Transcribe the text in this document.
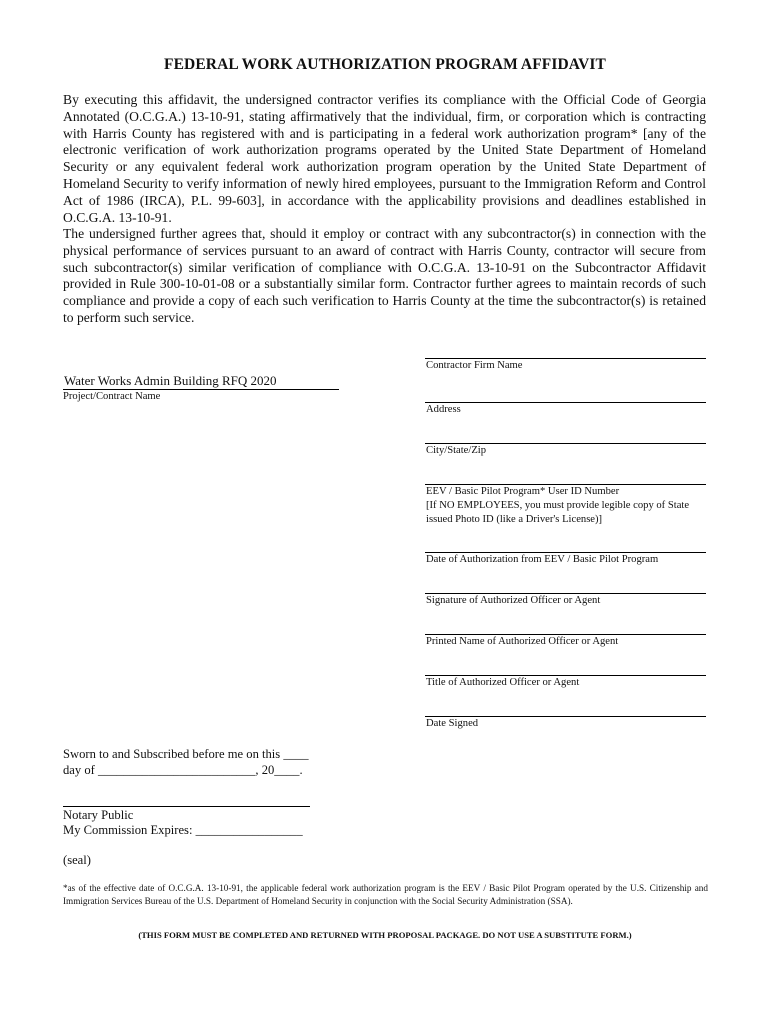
FEDERAL WORK AUTHORIZATION PROGRAM AFFIDAVIT

By executing this affidavit, the undersigned contractor verifies its compliance with the Official Code of Georgia Annotated (O.C.G.A.) 13-10-91, stating affirmatively that the individual, firm, or corporation which is contracting with Harris County has registered with and is participating in a federal work authorization program* [any of the electronic verification of work authorization programs operated by the United State Department of Homeland Security or any equivalent federal work authorization program operation by the United State Department of Homeland Security to verify information of newly hired employees, pursuant to the Immigration Reform and Control Act of 1986 (IRCA), P.L. 99-603], in accordance with the applicability provisions and deadlines established in O.C.G.A. 13-10-91.

The undersigned further agrees that, should it employ or contract with any subcontractor(s) in connection with the physical performance of services pursuant to an award of contract with Harris County, contractor will secure from such subcontractor(s) similar verification of compliance with O.C.G.A. 13-10-91 on the Subcontractor Affidavit provided in Rule 300-10-01-08 or a substantially similar form. Contractor further agrees to maintain records of such compliance and provide a copy of each such verification to Harris County at the time the subcontractor(s) is retained to perform such service.

Water Works Admin Building RFQ 2020
Project/Contract Name
Contractor Firm Name
Address
City/State/Zip
EEV / Basic Pilot Program* User ID Number
[If NO EMPLOYEES, you must provide legible copy of State
issued Photo ID (like a Driver's License)]
Date of Authorization from EEV / Basic Pilot Program
Signature of Authorized Officer or Agent
Printed Name of Authorized Officer or Agent
Title of Authorized Officer or Agent
Date Signed
Sworn to and Subscribed before me on this ____
day of _________________________, 20____.
Notary Public
My Commission Expires: _________________
(seal)
*as of the effective date of O.C.G.A. 13-10-91, the applicable federal work authorization program is the EEV / Basic Pilot Program operated by the U.S. Citizenship and Immigration Services Bureau of the U.S. Department of Homeland Security in conjunction with the Social Security Administration (SSA).
(THIS FORM MUST BE COMPLETED AND RETURNED WITH PROPOSAL PACKAGE. DO NOT USE A SUBSTITUTE FORM.)
